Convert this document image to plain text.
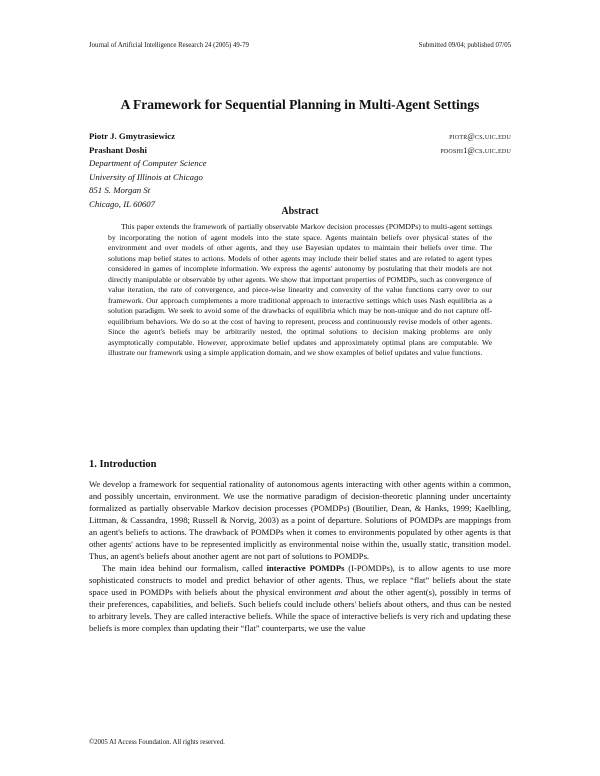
Journal of Artificial Intelligence Research 24 (2005) 49-79	Submitted 09/04; published 07/05
A Framework for Sequential Planning in Multi-Agent Settings
Piotr J. Gmytrasiewicz	piotr@cs.uic.edu
Prashant Doshi	pdoshi1@cs.uic.edu
Department of Computer Science
University of Illinois at Chicago
851 S. Morgan St
Chicago, IL 60607
Abstract

This paper extends the framework of partially observable Markov decision processes (POMDPs) to multi-agent settings by incorporating the notion of agent models into the state space. Agents maintain beliefs over physical states of the environment and over models of other agents, and they use Bayesian updates to maintain their beliefs over time. The solutions map belief states to actions. Models of other agents may include their belief states and are related to agent types considered in games of incomplete information. We express the agents' autonomy by postulating that their models are not directly manipulable or observable by other agents. We show that important properties of POMDPs, such as convergence of value iteration, the rate of convergence, and piece-wise linearity and convexity of the value functions carry over to our framework. Our approach complements a more traditional approach to interactive settings which uses Nash equilibria as a solution paradigm. We seek to avoid some of the drawbacks of equilibria which may be non-unique and do not capture off-equilibrium behaviors. We do so at the cost of having to represent, process and continuously revise models of other agents. Since the agent's beliefs may be arbitrarily nested, the optimal solutions to decision making problems are only asymptotically computable. However, approximate belief updates and approximately optimal plans are computable. We illustrate our framework using a simple application domain, and we show examples of belief updates and value functions.

1. Introduction

We develop a framework for sequential rationality of autonomous agents interacting with other agents within a common, and possibly uncertain, environment. We use the normative paradigm of decision-theoretic planning under uncertainty formalized as partially observable Markov decision processes (POMDPs) (Boutilier, Dean, & Hanks, 1999; Kaelbling, Littman, & Cassandra, 1998; Russell & Norvig, 2003) as a point of departure. Solutions of POMDPs are mappings from an agent's beliefs to actions. The drawback of POMDPs when it comes to environments populated by other agents is that other agents' actions have to be represented implicitly as environmental noise within the, usually static, transition model. Thus, an agent's beliefs about another agent are not part of solutions to POMDPs.

The main idea behind our formalism, called interactive POMDPs (I-POMDPs), is to allow agents to use more sophisticated constructs to model and predict behavior of other agents. Thus, we replace “flat” beliefs about the state space used in POMDPs with beliefs about the physical environment and about the other agent(s), possibly in terms of their preferences, capabilities, and beliefs. Such beliefs could include others' beliefs about others, and thus can be nested to arbitrary levels. They are called interactive beliefs. While the space of interactive beliefs is very rich and updating these beliefs is more complex than updating their “flat” counterparts, we use the value

©2005 AI Access Foundation. All rights reserved.
